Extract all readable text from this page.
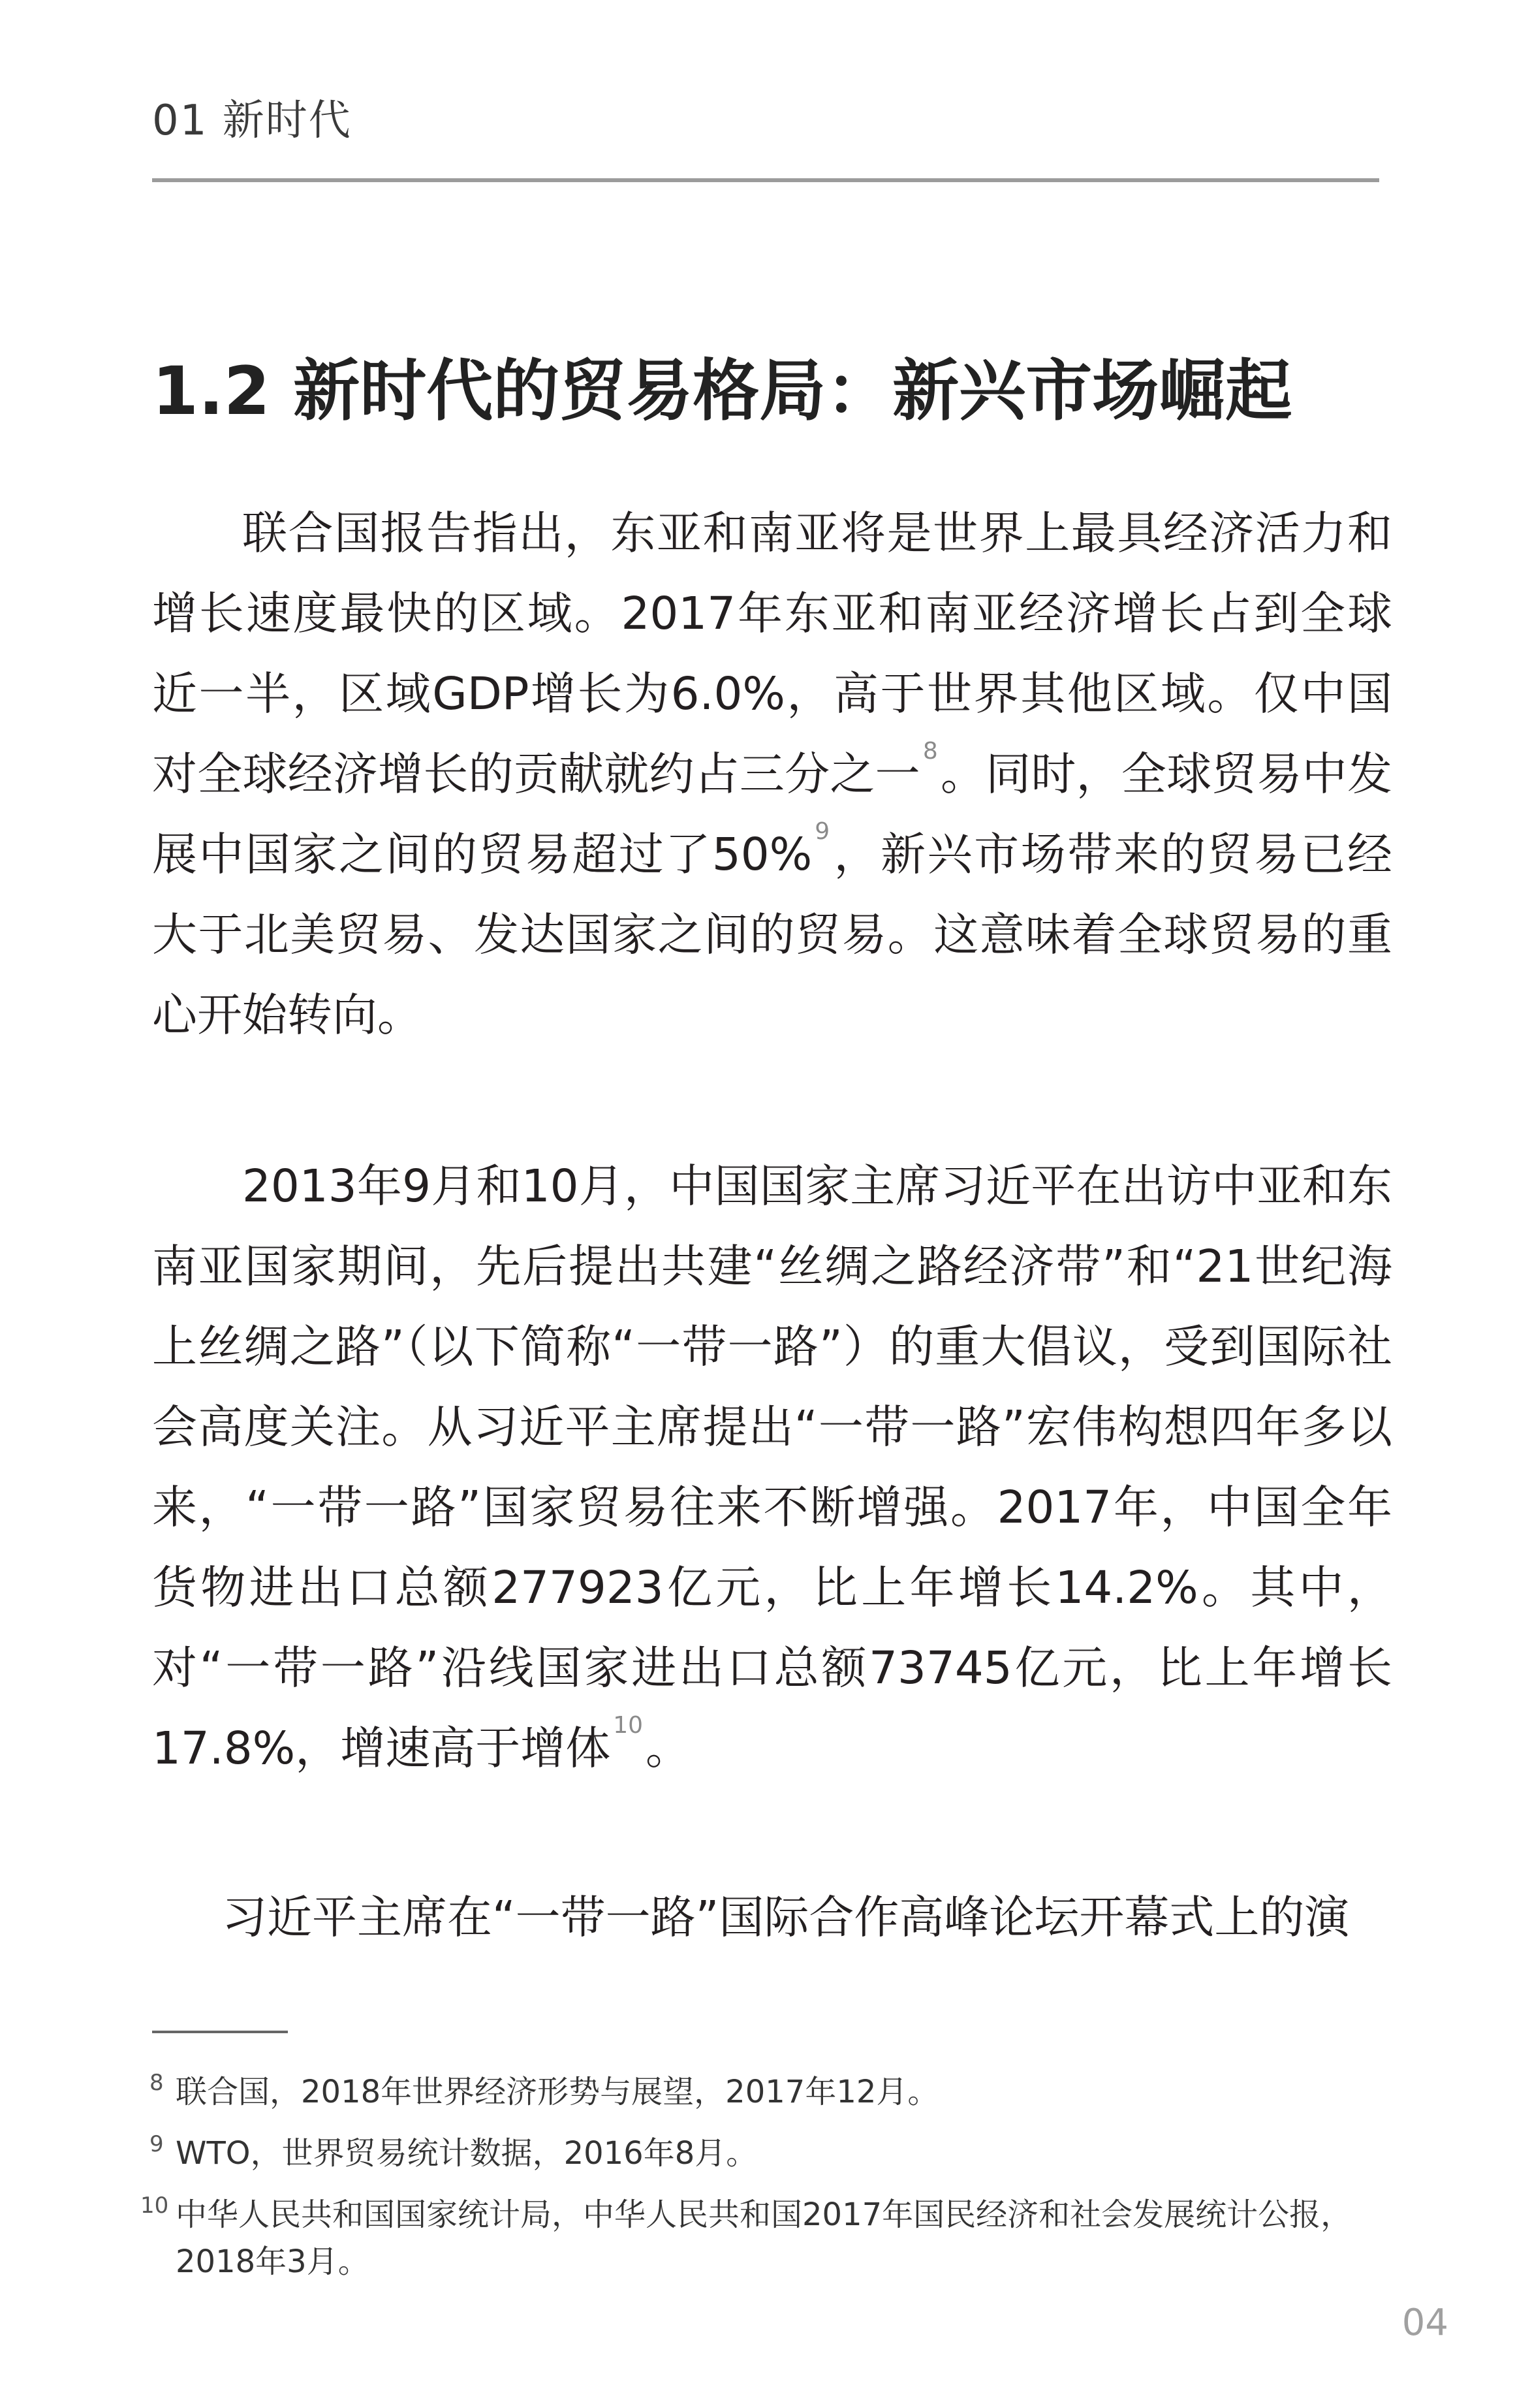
01 新时代
1.2 新时代的贸易格局：新兴市场崛起

联合国报告指出，东亚和南亚将是世界上最具经济活力和增长速度最快的区域。2017年东亚和南亚经济增长占到全球近一半，区域GDP增长为6.0%，高于世界其他区域。仅中国对全球经济增长的贡献就约占三分之一 $^8$。同时，全球贸易中发展中国家之间的贸易超过了50% $^9$，新兴市场带来的贸易已经大于北美贸易、发达国家之间的贸易。这意味着全球贸易的重心开始转向。

2013年9月和10月，中国国家主席习近平在出访中亚和东南亚国家期间，先后提出共建“丝绸之路经济带”和“21世纪海上丝绸之路”（以下简称“一带一路”）的重大倡议，受到国际社会高度关注。从习近平主席提出“一带一路”宏伟构想四年多以来，“一带一路”国家贸易往来不断增强。2017年，中国全年货物进出口总额277923亿元，比上年增长14.2%。其中，对“一带一路”沿线国家进出口总额73745亿元，比上年增长17.8%，增速高于增体 $^{10}$。

习近平主席在“一带一路”国际合作高峰论坛开幕式上的演

8 联合国，2018年世界经济形势与展望，2017年12月。
9 WTO，世界贸易统计数据，2016年8月。
10 中华人民共和国国家统计局，中华人民共和国2017年国民经济和社会发展统计公报，2018年3月。
04
